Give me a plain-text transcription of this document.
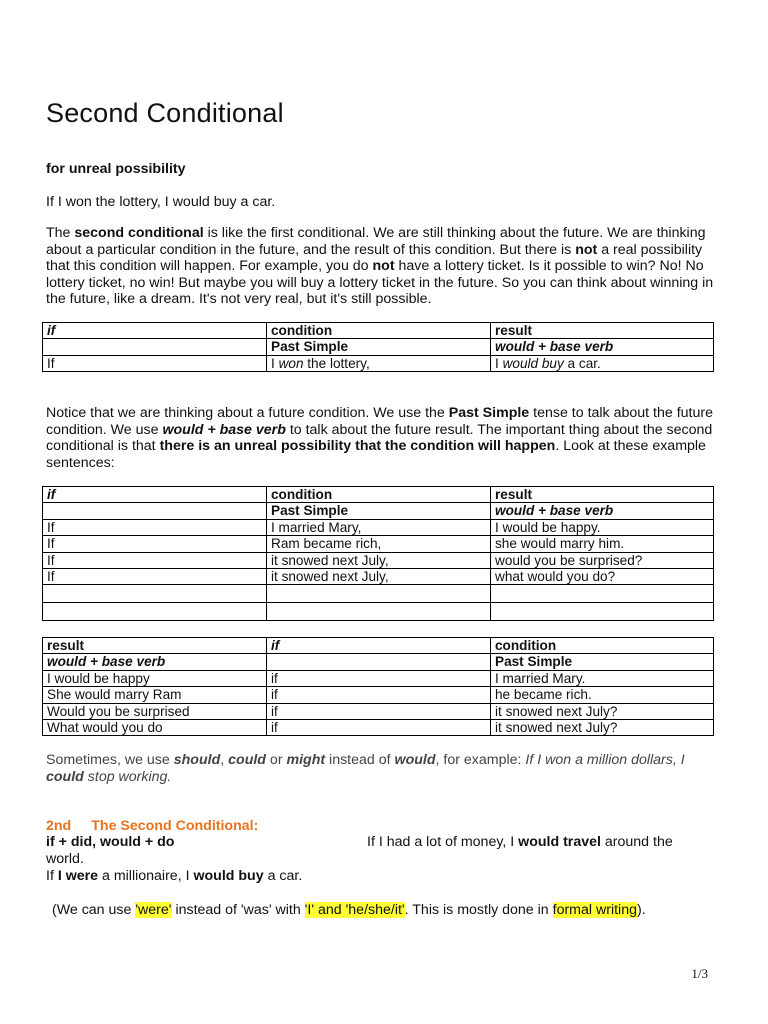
Second Conditional

for unreal possibility

If I won the lottery, I would buy a car.

The second conditional is like the first conditional. We are still thinking about the future. We are thinking about a particular condition in the future, and the result of this condition. But there is not a real possibility that this condition will happen. For example, you do not have a lottery ticket. Is it possible to win? No! No lottery ticket, no win! But maybe you will buy a lottery ticket in the future. So you can think about winning in the future, like a dream. It's not very real, but it's still possible.

if	condition	result
	Past Simple	would + base verb
If	I won the lottery,	I would buy a car.

Notice that we are thinking about a future condition. We use the Past Simple tense to talk about the future condition. We use would + base verb to talk about the future result. The important thing about the second conditional is that there is an unreal possibility that the condition will happen. Look at these example sentences:

if	condition	result
	Past Simple	would + base verb
If	I married Mary,	I would be happy.
If	Ram became rich,	she would marry him.
If	it snowed next July,	would you be surprised?
If	it snowed next July,	what would you do?

result	if	condition
would + base verb		Past Simple
I would be happy	if	I married Mary.
She would marry Ram	if	he became rich.
Would you be surprised	if	it snowed next July?
What would you do	if	it snowed next July?

Sometimes, we use should, could or might instead of would, for example: If I won a million dollars, I could stop working.

2nd The Second Conditional:
if + did, would + do	If I had a lot of money, I would travel around the
world.
If I were a millionaire, I would buy a car.
(We can use 'were' instead of 'was' with 'I' and 'he/she/it'. This is mostly done in formal writing).
1/3
